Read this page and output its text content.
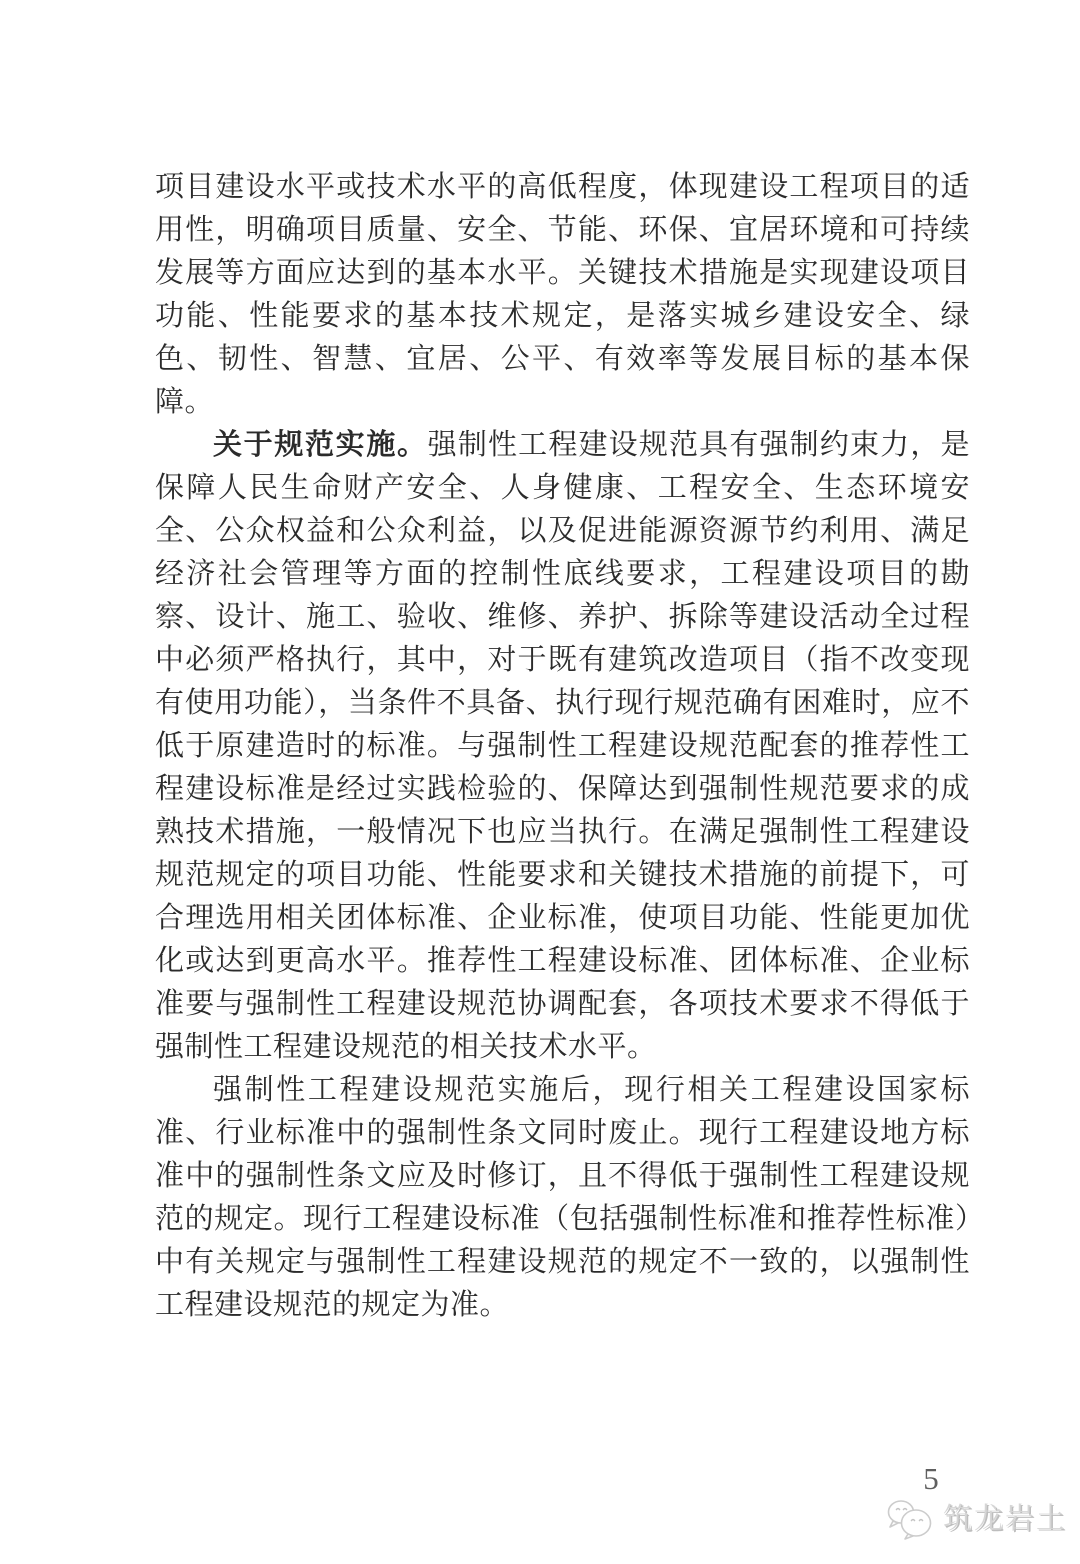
项目建设水平或技术水平的高低程度，体现建设工程项目的适用性，明确项目质量、安全、节能、环保、宜居环境和可持续发展等方面应达到的基本水平。关键技术措施是实现建设项目功能、性能要求的基本技术规定，是落实城乡建设安全、绿色、韧性、智慧、宜居、公平、有效率等发展目标的基本保障。

关于规范实施。强制性工程建设规范具有强制约束力，是保障人民生命财产安全、人身健康、工程安全、生态环境安全、公众权益和公众利益，以及促进能源资源节约利用、满足经济社会管理等方面的控制性底线要求，工程建设项目的勘察、设计、施工、验收、维修、养护、拆除等建设活动全过程中必须严格执行，其中，对于既有建筑改造项目（指不改变现有使用功能），当条件不具备、执行现行规范确有困难时，应不低于原建造时的标准。与强制性工程建设规范配套的推荐性工程建设标准是经过实践检验的、保障达到强制性规范要求的成熟技术措施，一般情况下也应当执行。在满足强制性工程建设规范规定的项目功能、性能要求和关键技术措施的前提下，可合理选用相关团体标准、企业标准，使项目功能、性能更加优化或达到更高水平。推荐性工程建设标准、团体标准、企业标准要与强制性工程建设规范协调配套，各项技术要求不得低于强制性工程建设规范的相关技术水平。

强制性工程建设规范实施后，现行相关工程建设国家标准、行业标准中的强制性条文同时废止。现行工程建设地方标准中的强制性条文应及时修订，且不得低于强制性工程建设规范的规定。现行工程建设标准（包括强制性标准和推荐性标准）中有关规定与强制性工程建设规范的规定不一致的，以强制性工程建设规范的规定为准。

5
筑龙岩土
